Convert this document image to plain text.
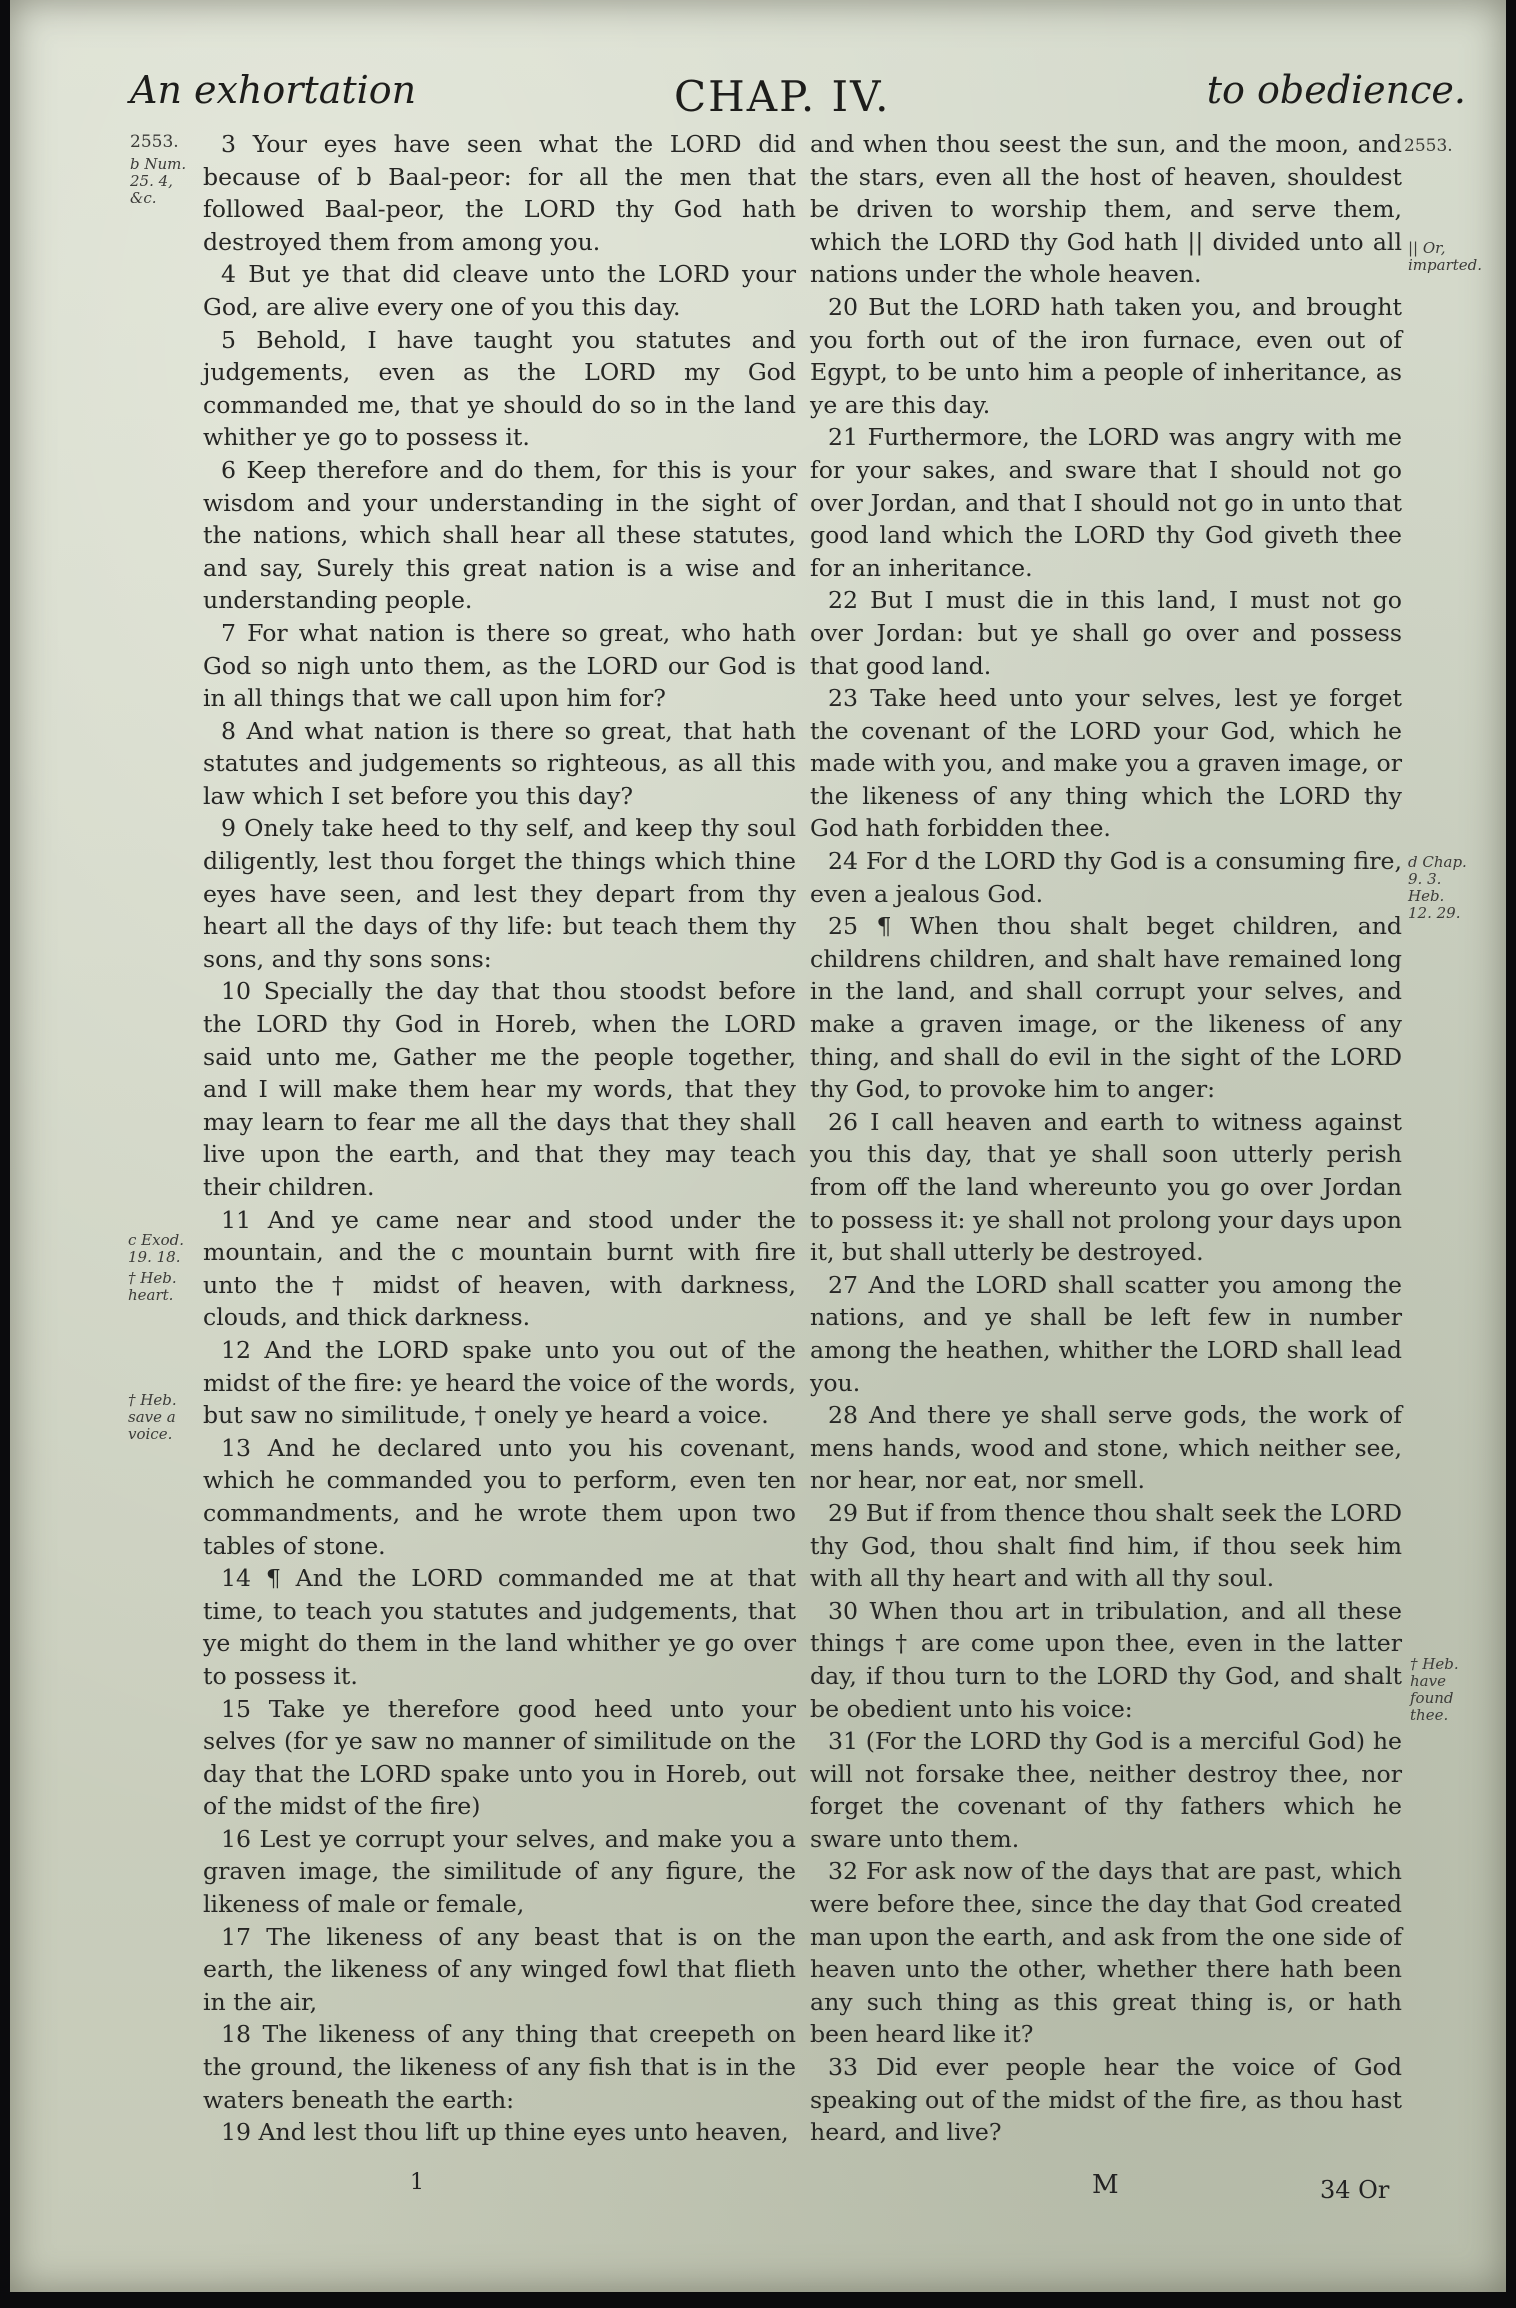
An exhortation	CHAP. IV.	to obedience.
2553.
b Num. 25. 4, &c.
c Exod. 19. 18.
† Heb. heart.
† Heb. save a voice.
2553.
|| Or, imparted.
d Chap. 9. 3. Heb. 12. 29.
† Heb. have found thee.

3 Your eyes have seen what the LORD did because of b Baal-peor: for all the men that followed Baal-peor, the LORD thy God hath destroyed them from among you.

4 But ye that did cleave unto the LORD your God, are alive every one of you this day.

5 Behold, I have taught you statutes and judgements, even as the LORD my God commanded me, that ye should do so in the land whither ye go to possess it.

6 Keep therefore and do them, for this is your wisdom and your understanding in the sight of the nations, which shall hear all these statutes, and say, Surely this great nation is a wise and understanding people.

7 For what nation is there so great, who hath God so nigh unto them, as the LORD our God is in all things that we call upon him for?

8 And what nation is there so great, that hath statutes and judgements so righteous, as all this law which I set before you this day?

9 Onely take heed to thy self, and keep thy soul diligently, lest thou forget the things which thine eyes have seen, and lest they depart from thy heart all the days of thy life: but teach them thy sons, and thy sons sons:

10 Specially the day that thou stoodst before the LORD thy God in Horeb, when the LORD said unto me, Gather me the people together, and I will make them hear my words, that they may learn to fear me all the days that they shall live upon the earth, and that they may teach their children.

11 And ye came near and stood under the mountain, and the c mountain burnt with fire unto the † midst of heaven, with darkness, clouds, and thick darkness.

12 And the LORD spake unto you out of the midst of the fire: ye heard the voice of the words, but saw no similitude, † onely ye heard a voice.

13 And he declared unto you his covenant, which he commanded you to perform, even ten commandments, and he wrote them upon two tables of stone.

14 ¶ And the LORD commanded me at that time, to teach you statutes and judgements, that ye might do them in the land whither ye go over to possess it.

15 Take ye therefore good heed unto your selves (for ye saw no manner of similitude on the day that the LORD spake unto you in Horeb, out of the midst of the fire)

16 Lest ye corrupt your selves, and make you a graven image, the similitude of any figure, the likeness of male or female,

17 The likeness of any beast that is on the earth, the likeness of any winged fowl that flieth in the air,

18 The likeness of any thing that creepeth on the ground, the likeness of any fish that is in the waters beneath the earth:

19 And lest thou lift up thine eyes unto heaven,

and when thou seest the sun, and the moon, and the stars, even all the host of heaven, shouldest be driven to worship them, and serve them, which the LORD thy God hath || divided unto all nations under the whole heaven.

20 But the LORD hath taken you, and brought you forth out of the iron furnace, even out of Egypt, to be unto him a people of inheritance, as ye are this day.

21 Furthermore, the LORD was angry with me for your sakes, and sware that I should not go over Jordan, and that I should not go in unto that good land which the LORD thy God giveth thee for an inheritance.

22 But I must die in this land, I must not go over Jordan: but ye shall go over and possess that good land.

23 Take heed unto your selves, lest ye forget the covenant of the LORD your God, which he made with you, and make you a graven image, or the likeness of any thing which the LORD thy God hath forbidden thee.

24 For d the LORD thy God is a consuming fire, even a jealous God.

25 ¶ When thou shalt beget children, and childrens children, and shalt have remained long in the land, and shall corrupt your selves, and make a graven image, or the likeness of any thing, and shall do evil in the sight of the LORD thy God, to provoke him to anger:

26 I call heaven and earth to witness against you this day, that ye shall soon utterly perish from off the land whereunto you go over Jordan to possess it: ye shall not prolong your days upon it, but shall utterly be destroyed.

27 And the LORD shall scatter you among the nations, and ye shall be left few in number among the heathen, whither the LORD shall lead you.

28 And there ye shall serve gods, the work of mens hands, wood and stone, which neither see, nor hear, nor eat, nor smell.

29 But if from thence thou shalt seek the LORD thy God, thou shalt find him, if thou seek him with all thy heart and with all thy soul.

30 When thou art in tribulation, and all these things † are come upon thee, even in the latter day, if thou turn to the LORD thy God, and shalt be obedient unto his voice:

31 (For the LORD thy God is a merciful God) he will not forsake thee, neither destroy thee, nor forget the covenant of thy fathers which he sware unto them.

32 For ask now of the days that are past, which were before thee, since the day that God created man upon the earth, and ask from the one side of heaven unto the other, whether there hath been any such thing as this great thing is, or hath been heard like it?

33 Did ever people hear the voice of God speaking out of the midst of the fire, as thou hast heard, and live?

1	M	34 Or
